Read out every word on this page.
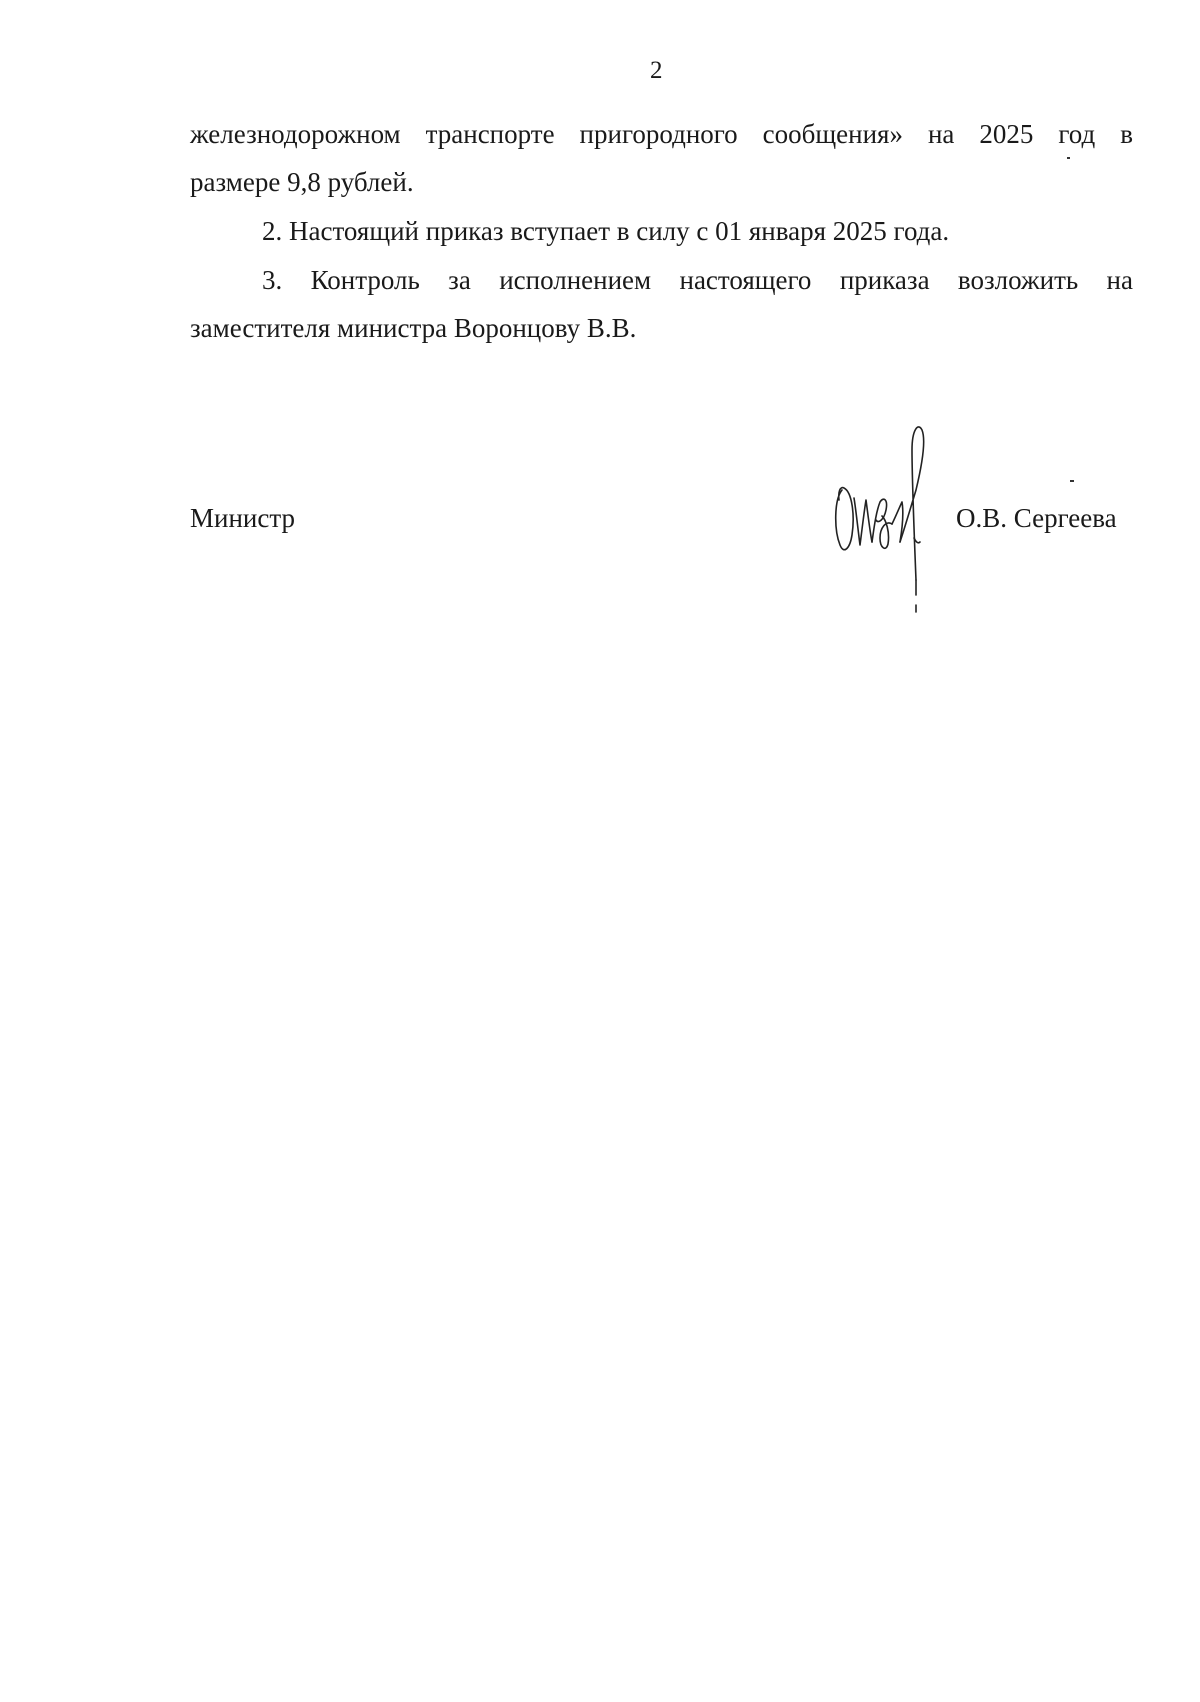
2
железнодорожном транспорте пригородного сообщения» на 2025 год в
размере 9,8 рублей.
2. Настоящий приказ вступает в силу с 01 января 2025 года.
3. Контроль за исполнением настоящего приказа возложить на
заместителя министра Воронцову В.В.
Министр	О.В. Сергеева
